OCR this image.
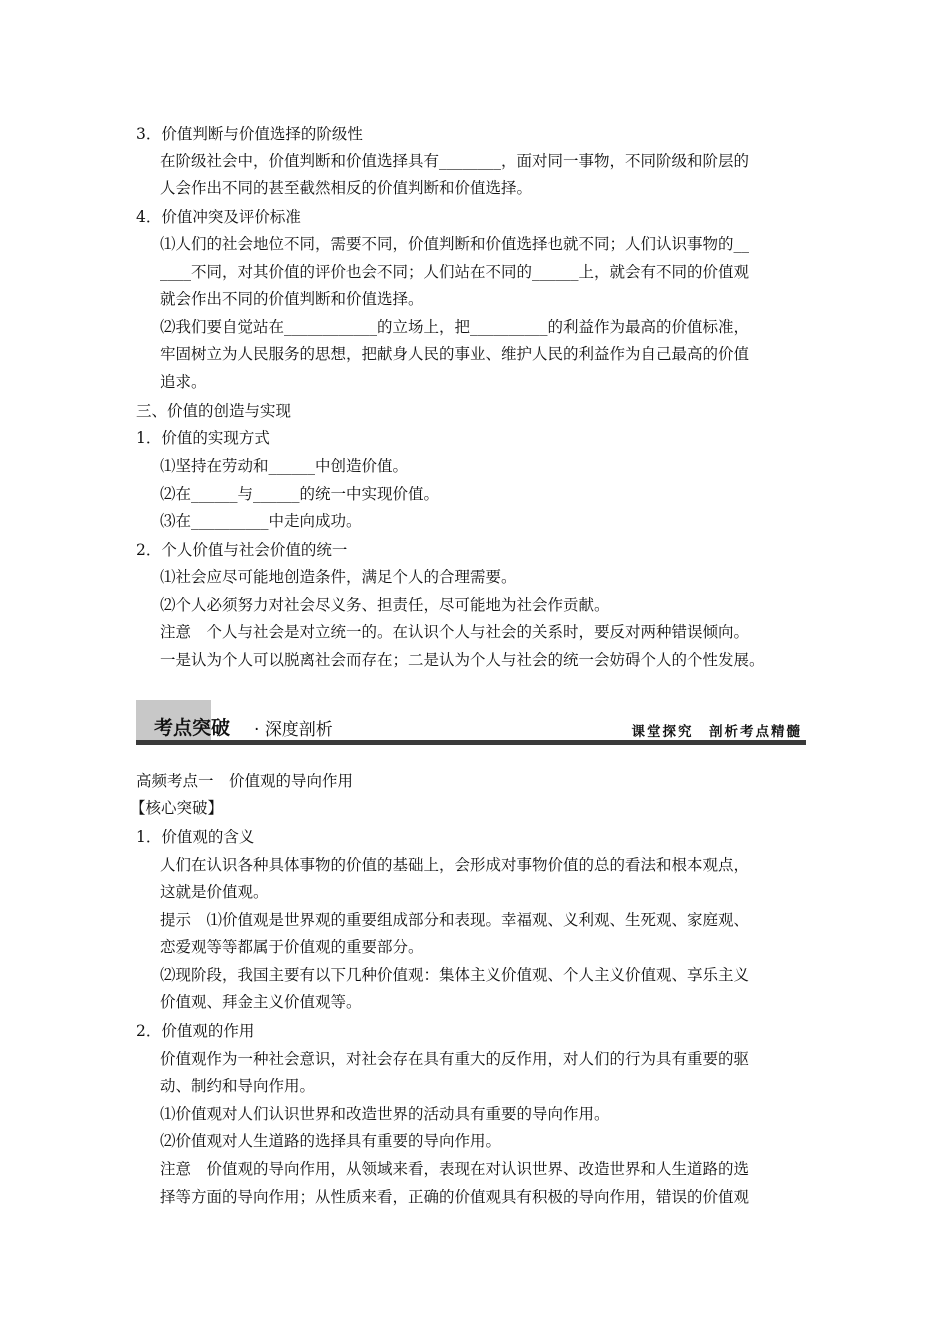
3．价值判断与价值选择的阶级性
在阶级社会中，价值判断和价值选择具有________，面对同一事物，不同阶级和阶层的
人会作出不同的甚至截然相反的价值判断和价值选择。
4．价值冲突及评价标准
⑴人们的社会地位不同，需要不同，价值判断和价值选择也就不同；人们认识事物的__
____不同，对其价值的评价也会不同；人们站在不同的______上，就会有不同的价值观
就会作出不同的价值判断和价值选择。
⑵我们要自觉站在____________的立场上，把__________的利益作为最高的价值标准，
牢固树立为人民服务的思想，把献身人民的事业、维护人民的利益作为自己最高的价值
追求。
三、价值的创造与实现
1．价值的实现方式
⑴坚持在劳动和______中创造价值。
⑵在______与______的统一中实现价值。
⑶在__________中走向成功。
2．个人价值与社会价值的统一
⑴社会应尽可能地创造条件，满足个人的合理需要。
⑵个人必须努力对社会尽义务、担责任，尽可能地为社会作贡献。
注意　个人与社会是对立统一的。在认识个人与社会的关系时，要反对两种错误倾向。
一是认为个人可以脱离社会而存在；二是认为个人与社会的统一会妨碍个人的个性发展。
考点突破 · 深度剖析	课堂探究　剖析考点精髓
高频考点一　价值观的导向作用
【核心突破】
1．价值观的含义
人们在认识各种具体事物的价值的基础上，会形成对事物价值的总的看法和根本观点，
这就是价值观。
提示　⑴价值观是世界观的重要组成部分和表现。幸福观、义利观、生死观、家庭观、
恋爱观等等都属于价值观的重要部分。
⑵现阶段，我国主要有以下几种价值观：集体主义价值观、个人主义价值观、享乐主义
价值观、拜金主义价值观等。
2．价值观的作用
价值观作为一种社会意识，对社会存在具有重大的反作用，对人们的行为具有重要的驱
动、制约和导向作用。
⑴价值观对人们认识世界和改造世界的活动具有重要的导向作用。
⑵价值观对人生道路的选择具有重要的导向作用。
注意　价值观的导向作用，从领域来看，表现在对认识世界、改造世界和人生道路的选
择等方面的导向作用；从性质来看，正确的价值观具有积极的导向作用，错误的价值观
